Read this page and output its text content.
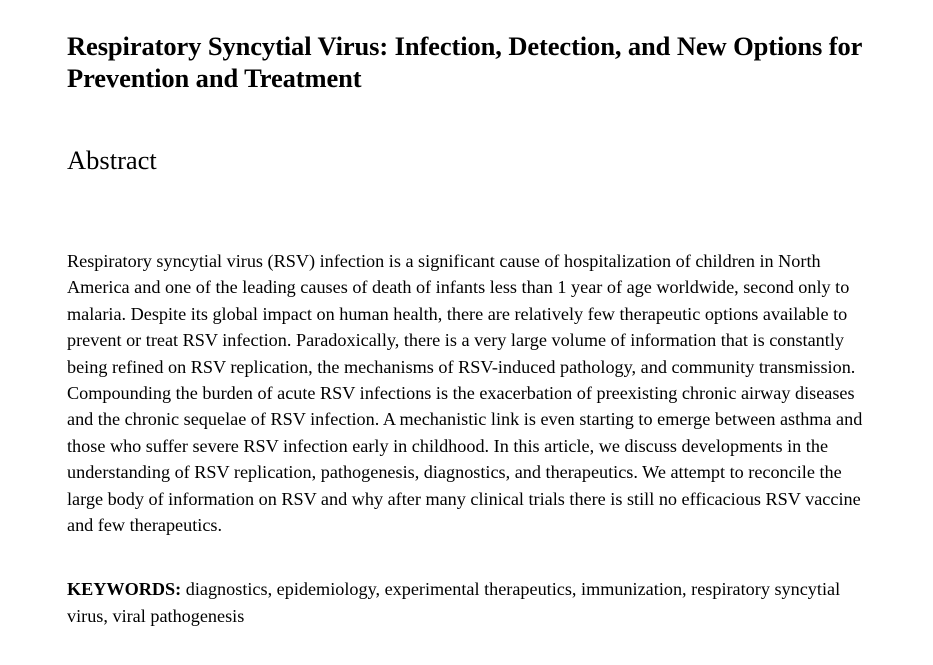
Respiratory Syncytial Virus: Infection, Detection, and New Options for Prevention and Treatment
Abstract

Respiratory syncytial virus (RSV) infection is a significant cause of hospitalization of children in North America and one of the leading causes of death of infants less than 1 year of age worldwide, second only to malaria. Despite its global impact on human health, there are relatively few therapeutic options available to prevent or treat RSV infection. Paradoxically, there is a very large volume of information that is constantly being refined on RSV replication, the mechanisms of RSV-induced pathology, and community transmission. Compounding the burden of acute RSV infections is the exacerbation of preexisting chronic airway diseases and the chronic sequelae of RSV infection. A mechanistic link is even starting to emerge between asthma and those who suffer severe RSV infection early in childhood. In this article, we discuss developments in the understanding of RSV replication, pathogenesis, diagnostics, and therapeutics. We attempt to reconcile the large body of information on RSV and why after many clinical trials there is still no efficacious RSV vaccine and few therapeutics.

KEYWORDS: diagnostics, epidemiology, experimental therapeutics, immunization, respiratory syncytial virus, viral pathogenesis
